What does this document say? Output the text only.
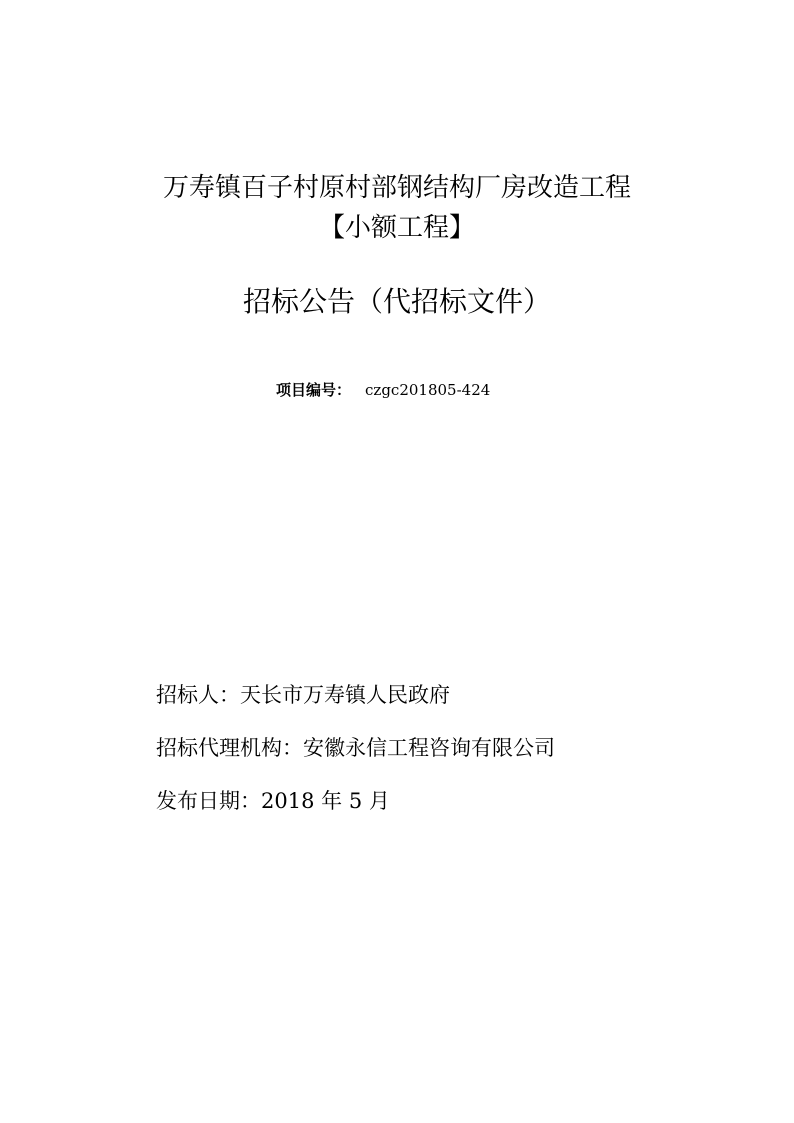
万寿镇百子村原村部钢结构厂房改造工程
【小额工程】
招标公告（代招标文件）
项目编号： czgc201805-424
招标人：天长市万寿镇人民政府
招标代理机构：安徽永信工程咨询有限公司
发布日期：2018 年 5 月
